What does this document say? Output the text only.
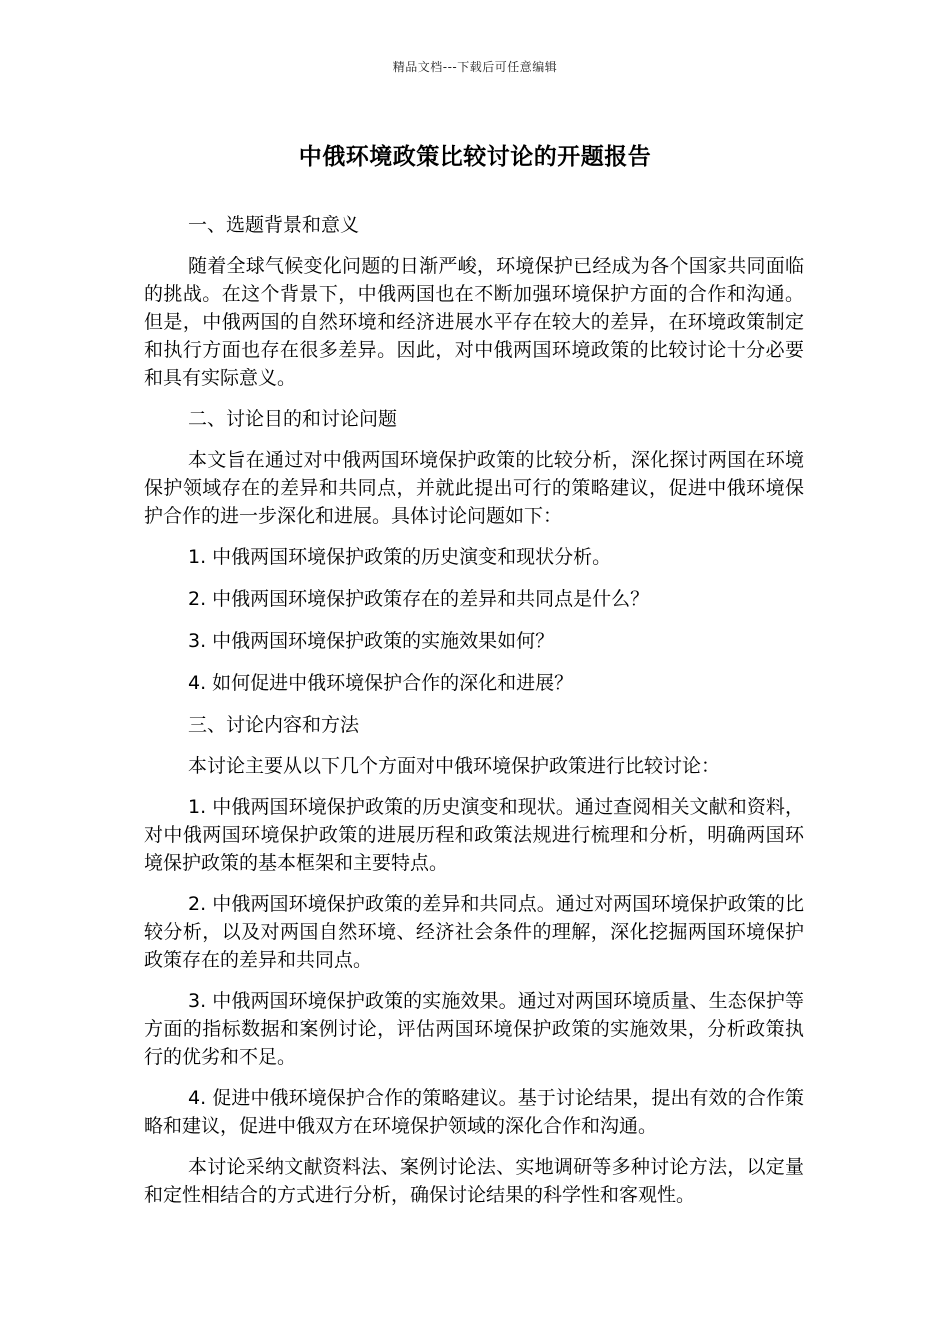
精品文档---下载后可任意编辑
中俄环境政策比较讨论的开题报告

一、选题背景和意义

随着全球气候变化问题的日渐严峻，环境保护已经成为各个国家共同面临的挑战。在这个背景下，中俄两国也在不断加强环境保护方面的合作和沟通。但是，中俄两国的自然环境和经济进展水平存在较大的差异，在环境政策制定和执行方面也存在很多差异。因此，对中俄两国环境政策的比较讨论十分必要和具有实际意义。

二、讨论目的和讨论问题

本文旨在通过对中俄两国环境保护政策的比较分析，深化探讨两国在环境保护领域存在的差异和共同点，并就此提出可行的策略建议，促进中俄环境保护合作的进一步深化和进展。具体讨论问题如下：

1. 中俄两国环境保护政策的历史演变和现状分析。

2. 中俄两国环境保护政策存在的差异和共同点是什么？

3. 中俄两国环境保护政策的实施效果如何？

4. 如何促进中俄环境保护合作的深化和进展？

三、讨论内容和方法

本讨论主要从以下几个方面对中俄环境保护政策进行比较讨论：

1. 中俄两国环境保护政策的历史演变和现状。通过查阅相关文献和资料，对中俄两国环境保护政策的进展历程和政策法规进行梳理和分析，明确两国环境保护政策的基本框架和主要特点。

2. 中俄两国环境保护政策的差异和共同点。通过对两国环境保护政策的比较分析，以及对两国自然环境、经济社会条件的理解，深化挖掘两国环境保护政策存在的差异和共同点。

3. 中俄两国环境保护政策的实施效果。通过对两国环境质量、生态保护等方面的指标数据和案例讨论，评估两国环境保护政策的实施效果，分析政策执行的优劣和不足。

4. 促进中俄环境保护合作的策略建议。基于讨论结果，提出有效的合作策略和建议，促进中俄双方在环境保护领域的深化合作和沟通。

本讨论采纳文献资料法、案例讨论法、实地调研等多种讨论方法，以定量和定性相结合的方式进行分析，确保讨论结果的科学性和客观性。
